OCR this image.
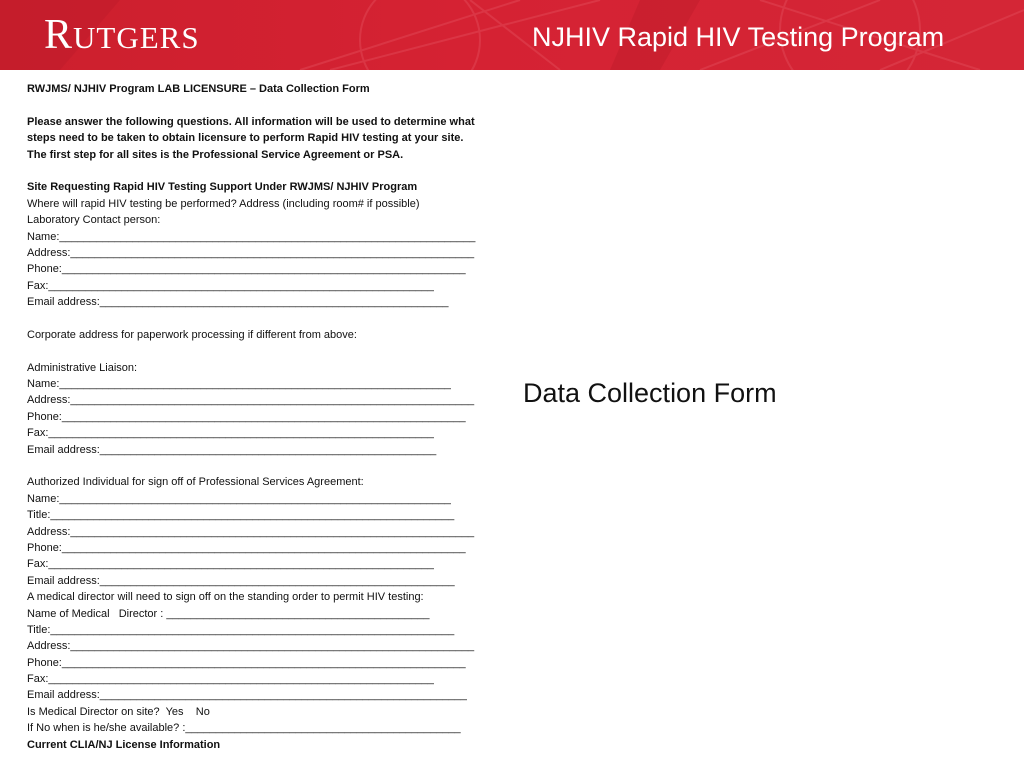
RUTGERS	NJHIV Rapid HIV Testing Program
RWJMS/ NJHIV Program LAB LICENSURE – Data Collection Form
Please answer the following questions. All information will be used to determine what
steps need to be taken to obtain licensure to perform Rapid HIV testing at your site.
The first step for all sites is the Professional Service Agreement or PSA.
Site Requesting Rapid HIV Testing Support Under RWJMS/ NJHIV Program
Where will rapid HIV testing be performed? Address (including room# if possible)
Laboratory Contact person:
Name:____________________________________________________________________
Address:__________________________________________________________________
Phone:__________________________________________________________________
Fax:_______________________________________________________________
Email address:_________________________________________________________
Corporate address for paperwork processing if different from above:
Administrative Liaison:
Name:________________________________________________________________
Address:__________________________________________________________________
Phone:__________________________________________________________________
Fax:_______________________________________________________________
Email address:_______________________________________________________
Authorized Individual for sign off of Professional Services Agreement:
Name:________________________________________________________________
Title:__________________________________________________________________
Address:__________________________________________________________________
Phone:__________________________________________________________________
Fax:_______________________________________________________________
Email address:__________________________________________________________
A medical director will need to sign off on the standing order to permit HIV testing:
Name of Medical   Director : ___________________________________________
Title:__________________________________________________________________
Address:__________________________________________________________________
Phone:__________________________________________________________________
Fax:_______________________________________________________________
Email address:____________________________________________________________
Is Medical Director on site?  Yes    No
If No when is he/she available? :_____________________________________________
Current CLIA/NJ License Information
Data Collection Form
